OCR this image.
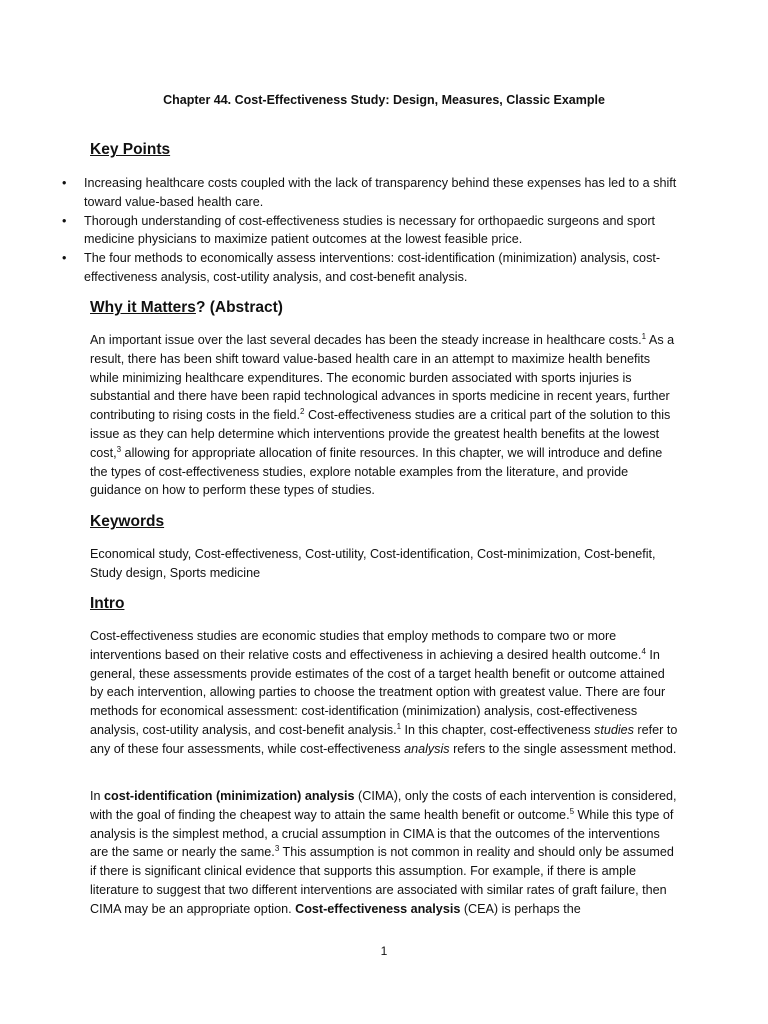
Chapter 44. Cost-Effectiveness Study: Design, Measures, Classic Example
Key Points
• Increasing healthcare costs coupled with the lack of transparency behind these expenses has led to a shift toward value-based health care.
• Thorough understanding of cost-effectiveness studies is necessary for orthopaedic surgeons and sport medicine physicians to maximize patient outcomes at the lowest feasible price.
• The four methods to economically assess interventions: cost-identification (minimization) analysis, cost-effectiveness analysis, cost-utility analysis, and cost-benefit analysis.
Why it Matters? (Abstract)

An important issue over the last several decades has been the steady increase in healthcare costs.$^1$ As a result, there has been shift toward value-based health care in an attempt to maximize health benefits while minimizing healthcare expenditures. The economic burden associated with sports injuries is substantial and there have been rapid technological advances in sports medicine in recent years, further contributing to rising costs in the field.$^2$ Cost-effectiveness studies are a critical part of the solution to this issue as they can help determine which interventions provide the greatest health benefits at the lowest cost,$^3$ allowing for appropriate allocation of finite resources. In this chapter, we will introduce and define the types of cost-effectiveness studies, explore notable examples from the literature, and provide guidance on how to perform these types of studies.

Keywords

Economical study, Cost-effectiveness, Cost-utility, Cost-identification, Cost-minimization, Cost-benefit, Study design, Sports medicine

Intro

Cost-effectiveness studies are economic studies that employ methods to compare two or more interventions based on their relative costs and effectiveness in achieving a desired health outcome.$^4$ In general, these assessments provide estimates of the cost of a target health benefit or outcome attained by each intervention, allowing parties to choose the treatment option with greatest value. There are four methods for economical assessment: cost-identification (minimization) analysis, cost-effectiveness analysis, cost-utility analysis, and cost-benefit analysis.$^1$ In this chapter, cost-effectiveness studies refer to any of these four assessments, while cost-effectiveness analysis refers to the single assessment method.

In cost-identification (minimization) analysis (CIMA), only the costs of each intervention is considered, with the goal of finding the cheapest way to attain the same health benefit or outcome.$^5$ While this type of analysis is the simplest method, a crucial assumption in CIMA is that the outcomes of the interventions are the same or nearly the same.$^3$ This assumption is not common in reality and should only be assumed if there is significant clinical evidence that supports this assumption. For example, if there is ample literature to suggest that two different interventions are associated with similar rates of graft failure, then CIMA may be an appropriate option. Cost-effectiveness analysis (CEA) is perhaps the

1
